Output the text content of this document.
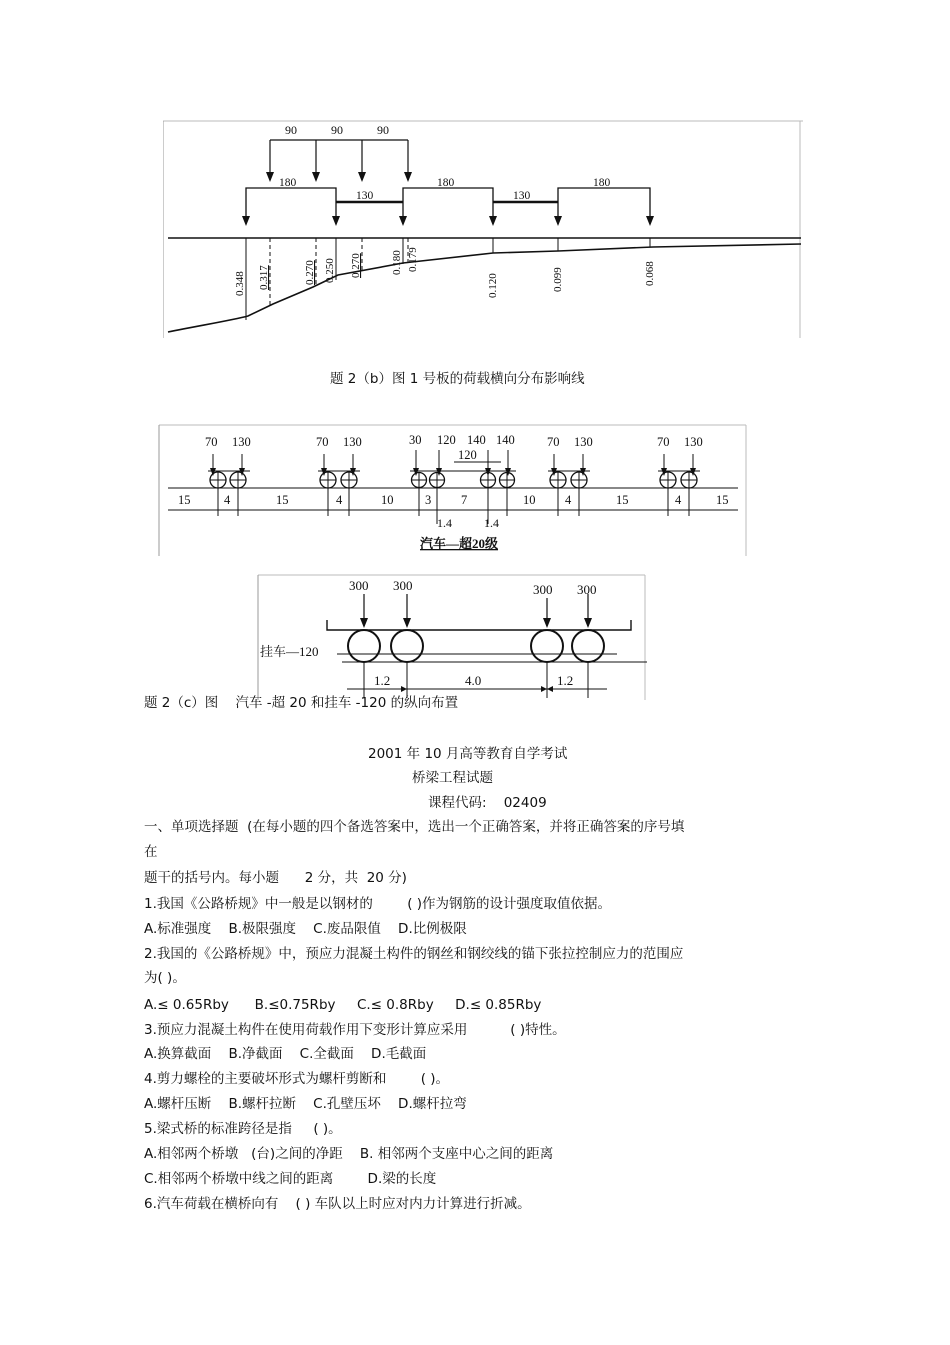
90	90	90
180
130
180
130
180
0.348 0.317	0.270 0.250 0.270	0.180 0.179
0.120	0.099	0.068
题 2（b）图 1 号板的荷载横向分布影响线
70 130	70 130	30 120 140 140
120
70 130	70 130
15	4	15	4	10	3 7	10 4	15	4	15
1.4	1.4
汽车—超20级
300 300	300 300
挂车—120
1.2	4.0	1.2
题 2（c）图    汽车 -超 20 和挂车 -120 的纵向布置
2001 年 10 月高等教育自学考试
桥梁工程试题
课程代码:    02409
一、单项选择题  (在每小题的四个备选答案中，选出一个正确答案，并将正确答案的序号填
在
题干的括号内。每小题      2 分，共  20 分)
1.我国《公路桥规》中一般是以钢材的        ( )作为钢筋的设计强度取值依据。
A.标准强度    B.极限强度    C.废品限值    D.比例极限
2.我国的《公路桥规》中，预应力混凝土构件的钢丝和钢绞线的锚下张拉控制应力的范围应
为( )。
A.≤ 0.65Rby      B.≤0.75Rby     C.≤ 0.8Rby     D.≤ 0.85Rby
3.预应力混凝土构件在使用荷载作用下变形计算应采用          ( )特性。
A.换算截面    B.净截面    C.全截面    D.毛截面
4.剪力螺栓的主要破坏形式为螺杆剪断和        ( )。
A.螺杆压断    B.螺杆拉断    C.孔壁压坏    D.螺杆拉弯
5.梁式桥的标准跨径是指     ( )。
A.相邻两个桥墩   (台)之间的净距    B. 相邻两个支座中心之间的距离
C.相邻两个桥墩中线之间的距离        D.梁的长度
6.汽车荷载在横桥向有    ( ) 车队以上时应对内力计算进行折减。
